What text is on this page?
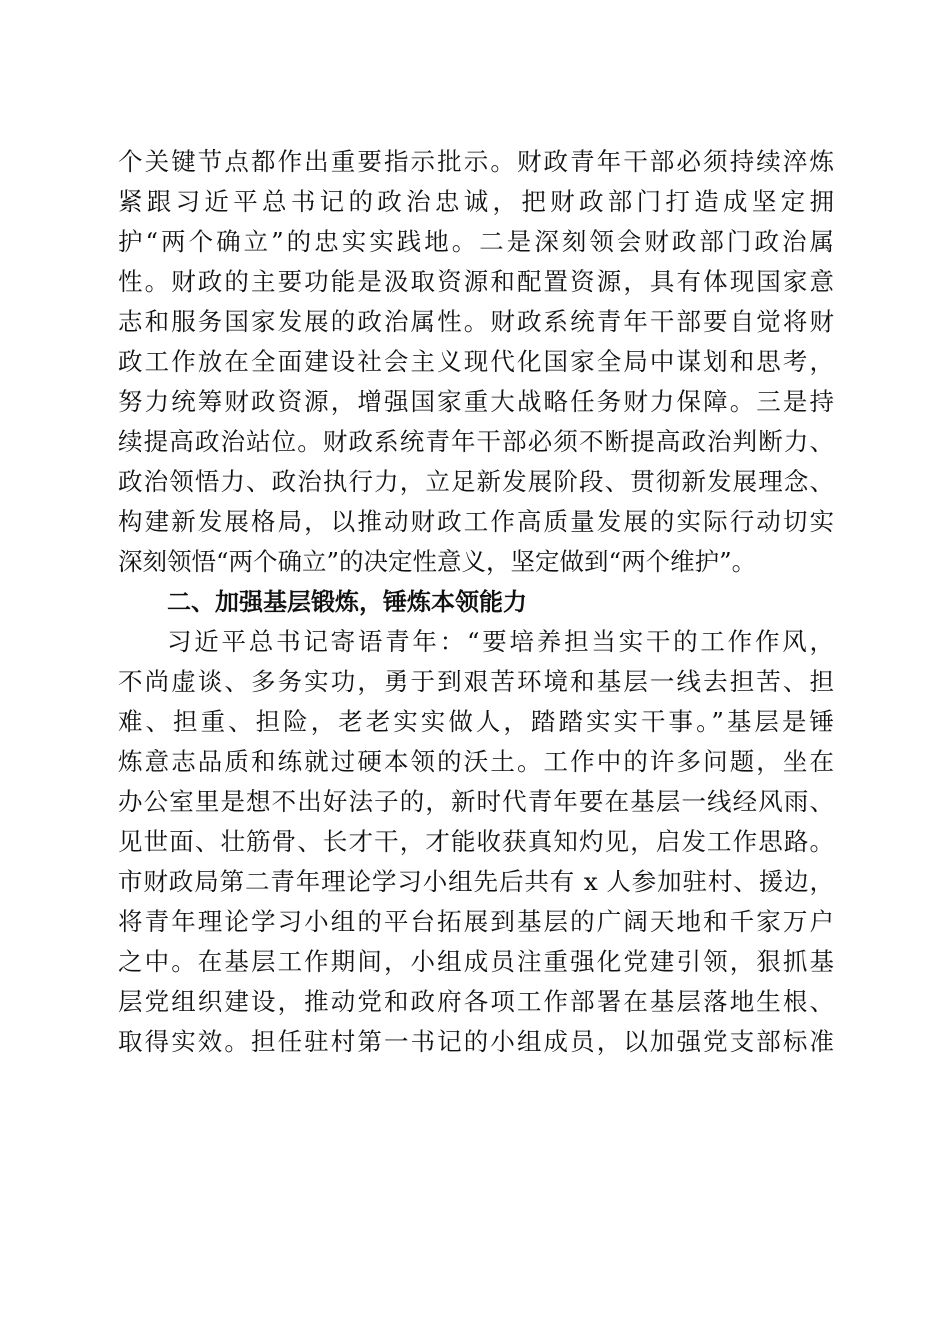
个关键节点都作出重要指示批示。财政青年干部必须持续淬炼
紧跟习近平总书记的政治忠诚，把财政部门打造成坚定拥
护“两个确立”的忠实实践地。二是深刻领会财政部门政治属
性。财政的主要功能是汲取资源和配置资源，具有体现国家意
志和服务国家发展的政治属性。财政系统青年干部要自觉将财
政工作放在全面建设社会主义现代化国家全局中谋划和思考，
努力统筹财政资源，增强国家重大战略任务财力保障。三是持
续提高政治站位。财政系统青年干部必须不断提高政治判断力、
政治领悟力、政治执行力，立足新发展阶段、贯彻新发展理念、
构建新发展格局，以推动财政工作高质量发展的实际行动切实
深刻领悟“两个确立”的决定性意义，坚定做到“两个维护”。
二、加强基层锻炼，锤炼本领能力
习近平总书记寄语青年：“要培养担当实干的工作作风，
不尚虚谈、多务实功，勇于到艰苦环境和基层一线去担苦、担
难、担重、担险，老老实实做人，踏踏实实干事。”基层是锤
炼意志品质和练就过硬本领的沃土。工作中的许多问题，坐在
办公室里是想不出好法子的，新时代青年要在基层一线经风雨、
见世面、壮筋骨、长才干，才能收获真知灼见，启发工作思路。
市财政局第二青年理论学习小组先后共有 x 人参加驻村、援边，
将青年理论学习小组的平台拓展到基层的广阔天地和千家万户
之中。在基层工作期间，小组成员注重强化党建引领，狠抓基
层党组织建设，推动党和政府各项工作部署在基层落地生根、
取得实效。担任驻村第一书记的小组成员，以加强党支部标准
